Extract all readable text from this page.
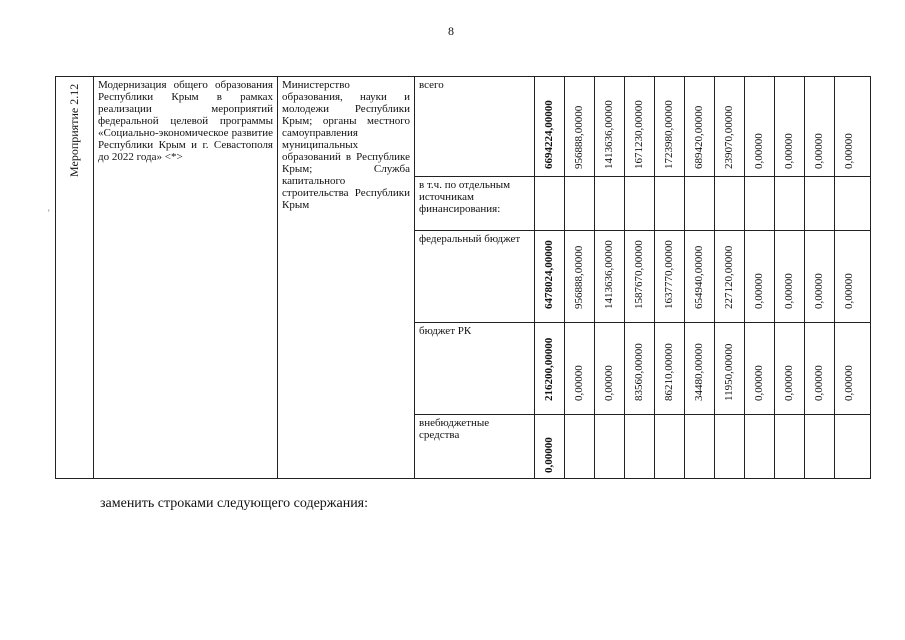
8
Мероприятие 2.12	Модернизация общего образования Республики Крым в рамках реализации мероприятий федеральной целевой программы «Социально-экономическое развитие Республики Крым и г. Севастополя до 2022 года» <*>	Министерство образования, науки и молодежи Республики Крым; органы местного самоуправления муниципальных образований в Республике Крым; Служба капитального строительства Республики Крым	всего	6694224,00000	956888,00000	1413636,00000	1671230,00000	1723980,00000	689420,00000	239070,00000	0,00000	0,00000	0,00000	0,00000

			в т.ч. по отдельным источникам финансирования:	

			федеральный бюджет	6478024,00000	956888,00000	1413636,00000	1587670,00000	1637770,00000	654940,00000	227120,00000	0,00000	0,00000	0,00000	0,00000

			бюджет РК	216200,00000	0,00000	0,00000	83560,00000	86210,00000	34480,00000	11950,00000	0,00000	0,00000	0,00000	0,00000

			внебюджетные средства	0,00000										

заменить строками следующего содержания:
'
